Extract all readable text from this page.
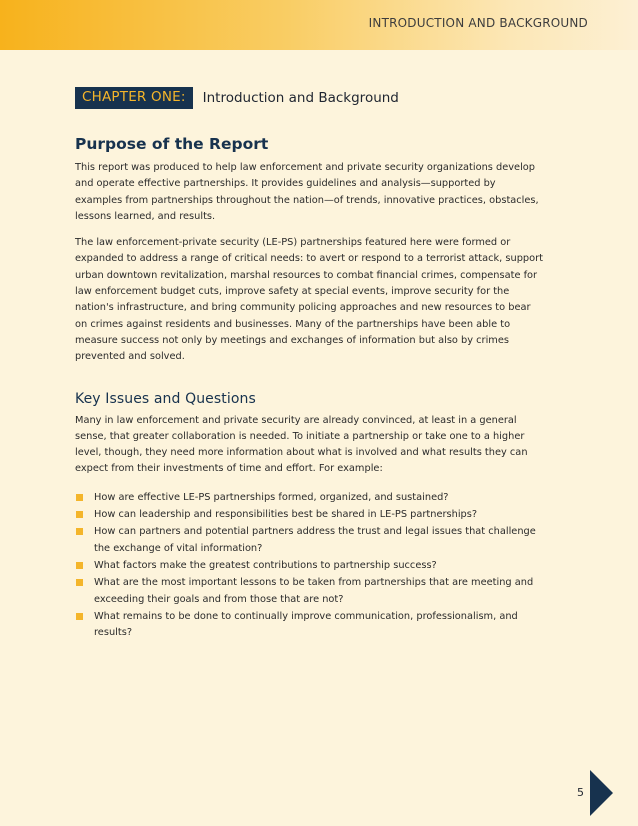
INTRODUCTION AND BACKGROUND
CHAPTER ONE:	Introduction and Background
Purpose of the Report

This report was produced to help law enforcement and private security organizations develop and operate effective partnerships. It provides guidelines and analysis—supported by examples from partnerships throughout the nation—of trends, innovative practices, obstacles, lessons learned, and results.

The law enforcement-private security (LE-PS) partnerships featured here were formed or expanded to address a range of critical needs: to avert or respond to a terrorist attack, support urban downtown revitalization, marshal resources to combat financial crimes, compensate for law enforcement budget cuts, improve safety at special events, improve security for the nation's infrastructure, and bring community policing approaches and new resources to bear on crimes against residents and businesses. Many of the partnerships have been able to measure success not only by meetings and exchanges of information but also by crimes prevented and solved.

Key Issues and Questions

Many in law enforcement and private security are already convinced, at least in a general sense, that greater collaboration is needed. To initiate a partnership or take one to a higher level, though, they need more information about what is involved and what results they can expect from their investments of time and effort. For example:

How are effective LE-PS partnerships formed, organized, and sustained?
How can leadership and responsibilities best be shared in LE-PS partnerships?
How can partners and potential partners address the trust and legal issues that challenge the exchange of vital information?
What factors make the greatest contributions to partnership success?
What are the most important lessons to be taken from partnerships that are meeting and exceeding their goals and from those that are not?
What remains to be done to continually improve communication, professionalism, and results?
5
